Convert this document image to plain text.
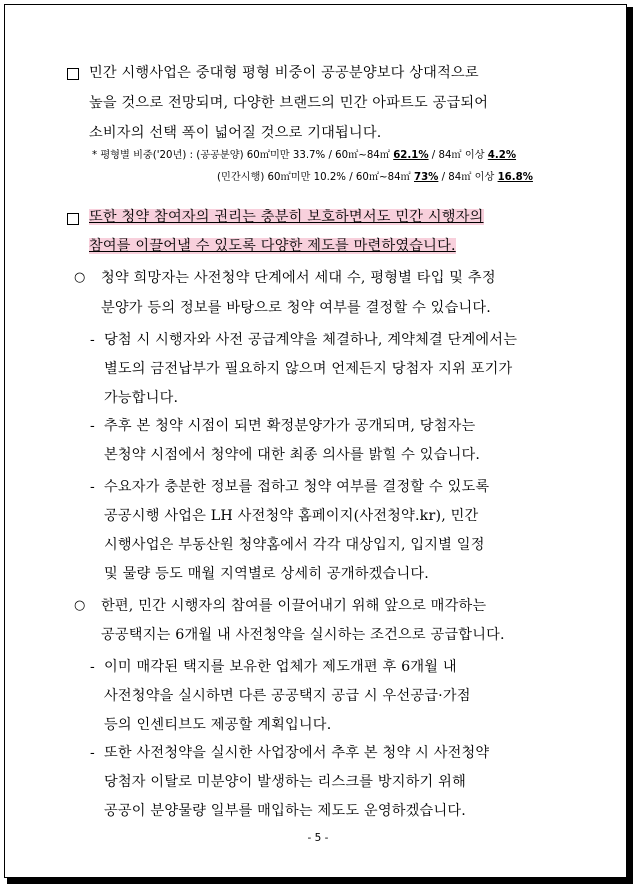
민간 시행사업은 중대형 평형 비중이 공공분양보다 상대적으로
높을 것으로 전망되며, 다양한 브랜드의 민간 아파트도 공급되어
소비자의 선택 폭이 넓어질 것으로 기대됩니다.
* 평형별 비중('20년) : (공공분양) 60㎡미만 33.7% / 60㎡~84㎡ 62.1% / 84㎡ 이상 4.2%
(민간시행) 60㎡미만 10.2% / 60㎡~84㎡ 73% / 84㎡ 이상 16.8%
또한 청약 참여자의 권리는 충분히 보호하면서도 민간 시행자의
참여를 이끌어낼 수 있도록 다양한 제도를 마련하였습니다.
○ 청약 희망자는 사전청약 단계에서 세대 수, 평형별 타입 및 추정
분양가 등의 정보를 바탕으로 청약 여부를 결정할 수 있습니다.
- 당첨 시 시행자와 사전 공급계약을 체결하나, 계약체결 단계에서는
별도의 금전납부가 필요하지 않으며 언제든지 당첨자 지위 포기가
가능합니다.
- 추후 본 청약 시점이 되면 확정분양가가 공개되며, 당첨자는
본청약 시점에서 청약에 대한 최종 의사를 밝힐 수 있습니다.
- 수요자가 충분한 정보를 접하고 청약 여부를 결정할 수 있도록
공공시행 사업은 LH 사전청약 홈페이지(사전청약.kr), 민간
시행사업은 부동산원 청약홈에서 각각 대상입지, 입지별 일정
및 물량 등도 매월 지역별로 상세히 공개하겠습니다.
○ 한편, 민간 시행자의 참여를 이끌어내기 위해 앞으로 매각하는
공공택지는 6개월 내 사전청약을 실시하는 조건으로 공급합니다.
- 이미 매각된 택지를 보유한 업체가 제도개편 후 6개월 내
사전청약을 실시하면 다른 공공택지 공급 시 우선공급·가점
등의 인센티브도 제공할 계획입니다.
- 또한 사전청약을 실시한 사업장에서 추후 본 청약 시 사전청약
당첨자 이탈로 미분양이 발생하는 리스크를 방지하기 위해
공공이 분양물량 일부를 매입하는 제도도 운영하겠습니다.
- 5 -
